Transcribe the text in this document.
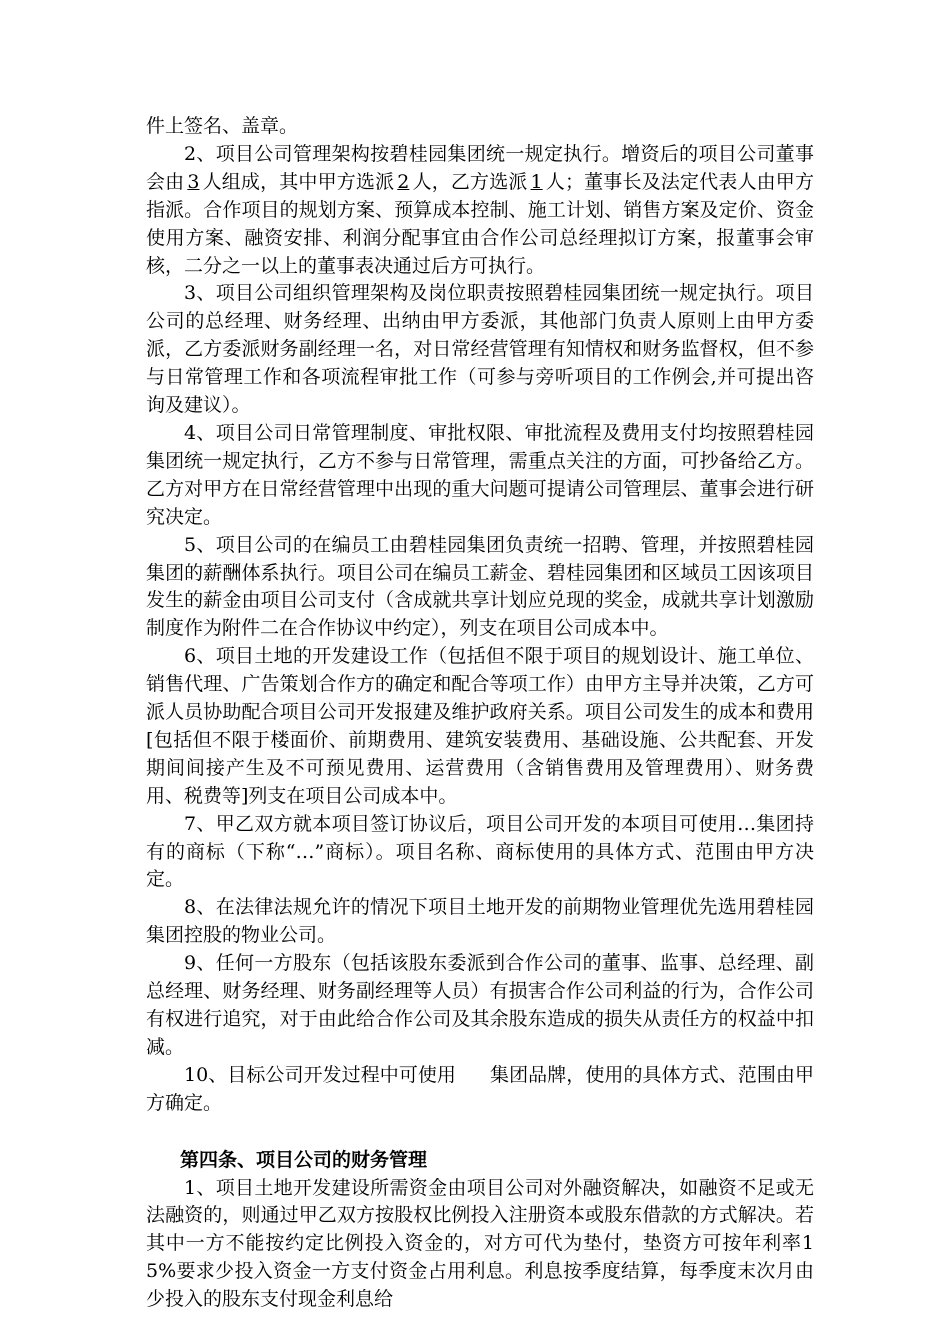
件上签名、盖章。

2、项目公司管理架构按碧桂园集团统一规定执行。增资后的项目公司董事会由 3 人组成，其中甲方选派 2 人，乙方选派 1 人；董事长及法定代表人由甲方指派。合作项目的规划方案、预算成本控制、施工计划、销售方案及定价、资金使用方案、融资安排、利润分配事宜由合作公司总经理拟订方案，报董事会审核，二分之一以上的董事表决通过后方可执行。

3、项目公司组织管理架构及岗位职责按照碧桂园集团统一规定执行。项目公司的总经理、财务经理、出纳由甲方委派，其他部门负责人原则上由甲方委派，乙方委派财务副经理一名，对日常经营管理有知情权和财务监督权，但不参与日常管理工作和各项流程审批工作（可参与旁听项目的工作例会,并可提出咨询及建议）。

4、项目公司日常管理制度、审批权限、审批流程及费用支付均按照碧桂园集团统一规定执行，乙方不参与日常管理，需重点关注的方面，可抄备给乙方。乙方对甲方在日常经营管理中出现的重大问题可提请公司管理层、董事会进行研究决定。

5、项目公司的在编员工由碧桂园集团负责统一招聘、管理，并按照碧桂园集团的薪酬体系执行。项目公司在编员工薪金、碧桂园集团和区域员工因该项目发生的薪金由项目公司支付（含成就共享计划应兑现的奖金，成就共享计划激励制度作为附件二在合作协议中约定），列支在项目公司成本中。

6、项目土地的开发建设工作（包括但不限于项目的规划设计、施工单位、销售代理、广告策划合作方的确定和配合等项工作）由甲方主导并决策，乙方可派人员协助配合项目公司开发报建及维护政府关系。项目公司发生的成本和费用[包括但不限于楼面价、前期费用、建筑安装费用、基础设施、公共配套、开发期间间接产生及不可预见费用、运营费用（含销售费用及管理费用）、财务费用、税费等]列支在项目公司成本中。

7、甲乙双方就本项目签订协议后，项目公司开发的本项目可使用…集团持有的商标（下称“…”商标）。项目名称、商标使用的具体方式、范围由甲方决定。

8、在法律法规允许的情况下项目土地开发的前期物业管理优先选用碧桂园集团控股的物业公司。

9、任何一方股东（包括该股东委派到合作公司的董事、监事、总经理、副总经理、财务经理、财务副经理等人员）有损害合作公司利益的行为，合作公司有权进行追究，对于由此给合作公司及其余股东造成的损失从责任方的权益中扣减。

10、目标公司开发过程中可使用 集团品牌，使用的具体方式、范围由甲方确定。

第四条、项目公司的财务管理

1、项目土地开发建设所需资金由项目公司对外融资解决，如融资不足或无法融资的，则通过甲乙双方按股权比例投入注册资本或股东借款的方式解决。若其中一方不能按约定比例投入资金的，对方可代为垫付，垫资方可按年利率15%要求少投入资金一方支付资金占用利息。利息按季度结算，每季度末次月由少投入的股东支付现金利息给
